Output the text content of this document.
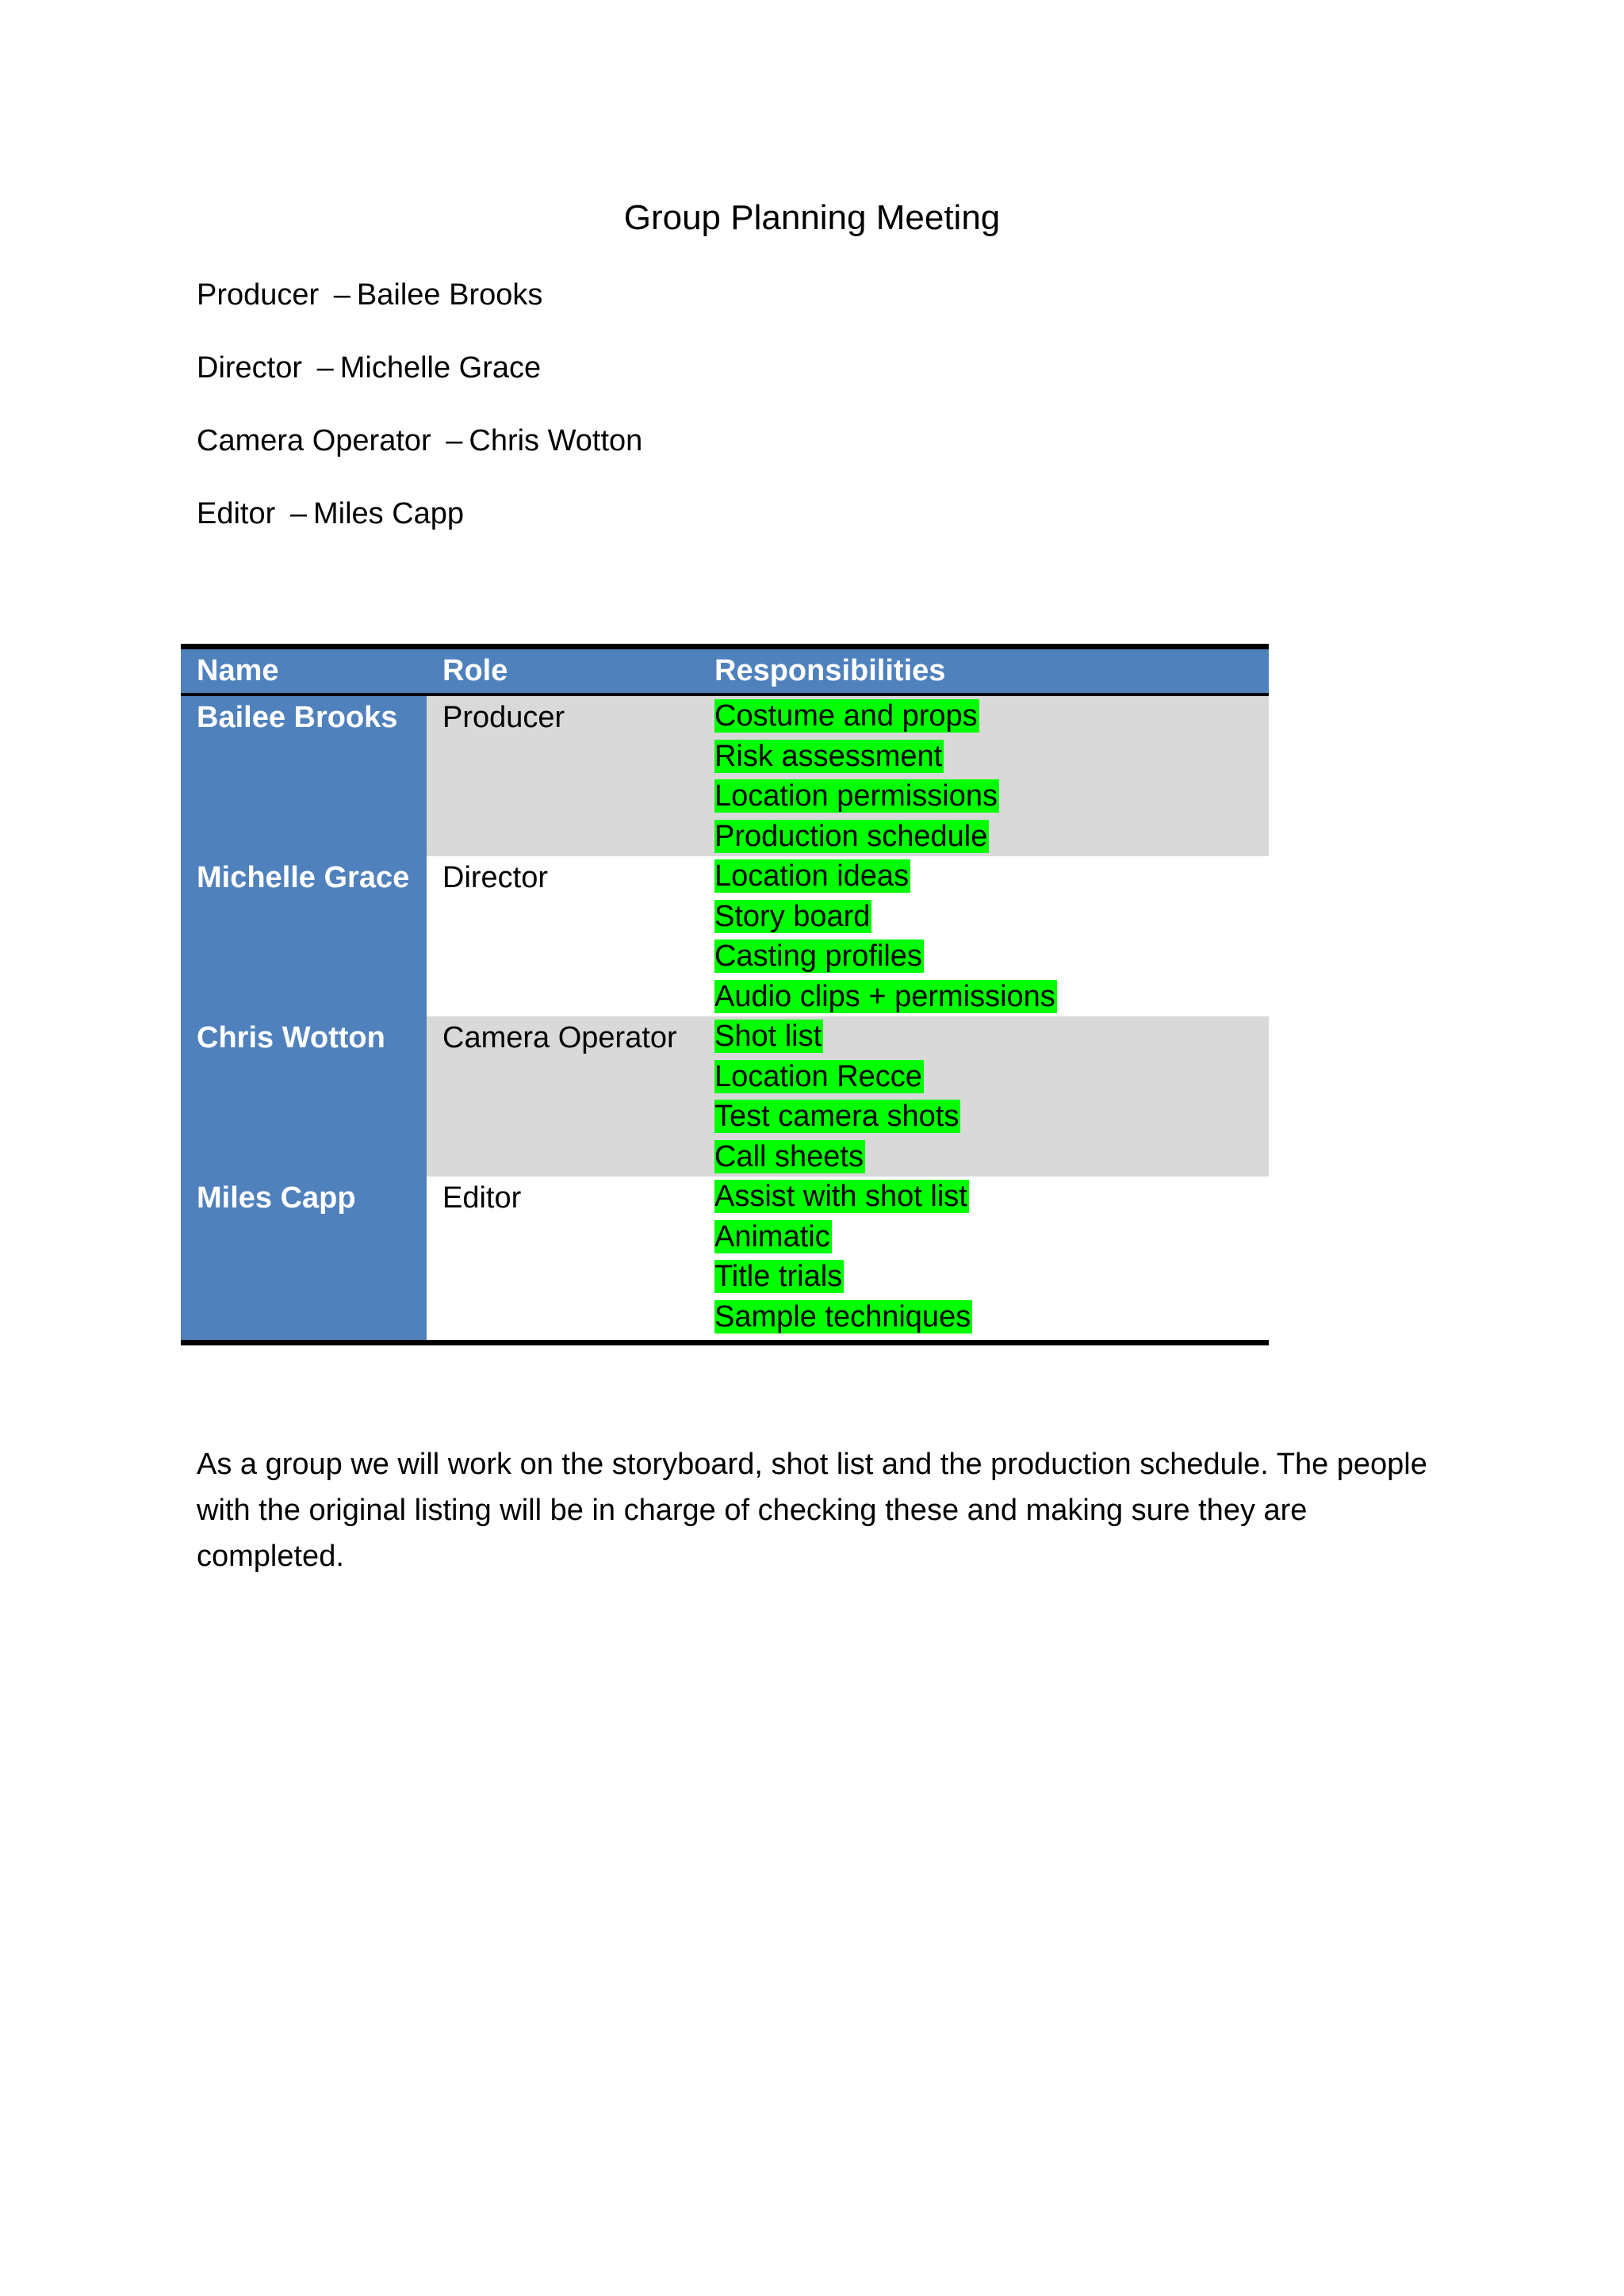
Group Planning Meeting
Producer – Bailee Brooks
Director – Michelle Grace
Camera Operator – Chris Wotton
Editor – Miles Capp
Name	Role	Responsibilities
Bailee Brooks	Producer	Costume and props
Risk assessment
Location permissions
Production schedule

Michelle Grace	Director	Location ideas
Story board
Casting profiles
Audio clips + permissions

Chris Wotton	Camera Operator	Shot list
Location Recce
Test camera shots
Call sheets

Miles Capp	Editor	Assist with shot list
Animatic
Title trials
Sample techniques

As a group we will work on the storyboard, shot list and the production schedule. The people with the original listing will be in charge of checking these and making sure they are completed.
